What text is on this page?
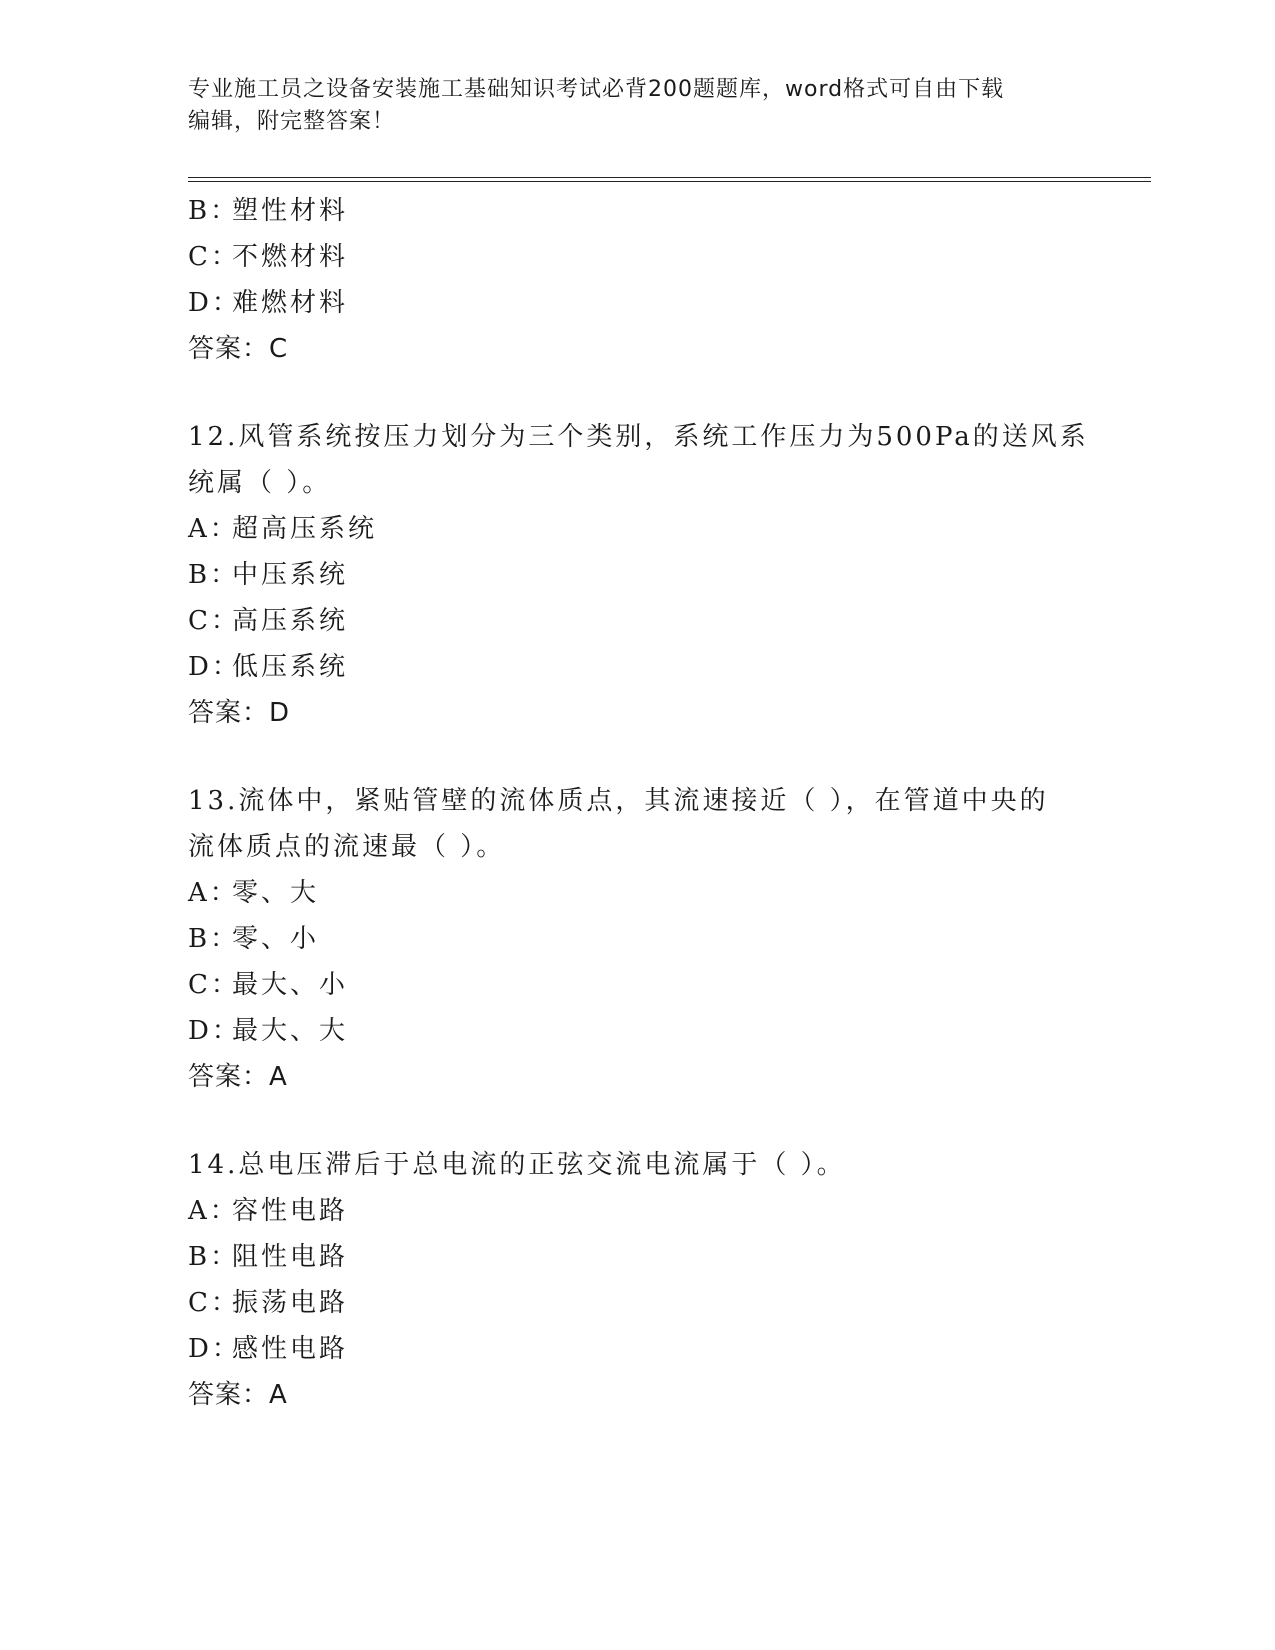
专业施工员之设备安装施工基础知识考试必背200题题库，word格式可自由下载
编辑，附完整答案！
B：塑性材料
C：不燃材料
D：难燃材料
答案：C
12.风管系统按压力划分为三个类别，系统工作压力为500Pa的送风系
统属（ ）。
A：超高压系统
B：中压系统
C：高压系统
D：低压系统
答案：D
13.流体中，紧贴管壁的流体质点，其流速接近（ ），在管道中央的
流体质点的流速最（ ）。
A：零、大
B：零、小
C：最大、小
D：最大、大
答案：A
14.总电压滞后于总电流的正弦交流电流属于（ ）。
A：容性电路
B：阻性电路
C：振荡电路
D：感性电路
答案：A
